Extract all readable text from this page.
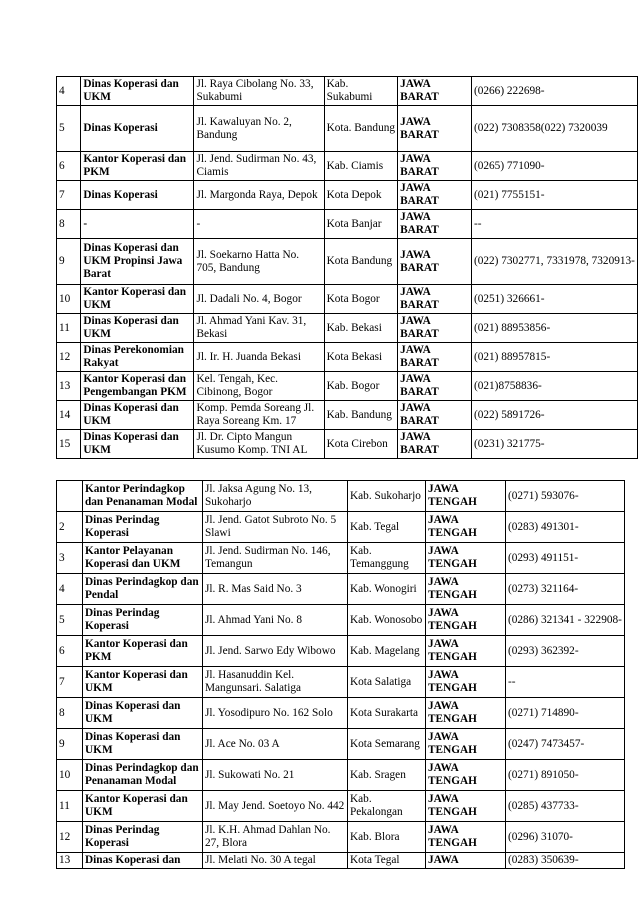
4	Dinas Koperasi dan UKM	Jl. Raya Cibolang No. 33, Sukabumi	Kab. Sukabumi	JAWA BARAT	(0266) 222698-
5	Dinas Koperasi	Jl. Kawaluyan No. 2, Bandung	Kota. Bandung	JAWA BARAT	(022) 7308358(022) 7320039
6	Kantor Koperasi dan PKM	Jl. Jend. Sudirman No. 43, Ciamis	Kab. Ciamis	JAWA BARAT	(0265) 771090-
7	Dinas Koperasi	Jl. Margonda Raya, Depok	Kota Depok	JAWA BARAT	(021) 7755151-
8	-	-	Kota Banjar	JAWA BARAT	--
9	Dinas Koperasi dan UKM Propinsi Jawa Barat	Jl. Soekarno Hatta No. 705, Bandung	Kota Bandung	JAWA BARAT	(022) 7302771, 7331978, 7320913-
10	Kantor Koperasi dan UKM	Jl. Dadali No. 4, Bogor	Kota Bogor	JAWA BARAT	(0251) 326661-
11	Dinas Koperasi dan UKM	Jl. Ahmad Yani Kav. 31, Bekasi	Kab. Bekasi	JAWA BARAT	(021) 88953856-
12	Dinas Perekonomian Rakyat	Jl. Ir. H. Juanda Bekasi	Kota Bekasi	JAWA BARAT	(021) 88957815-
13	Kantor Koperasi dan Pengembangan PKM	Kel. Tengah, Kec. Cibinong, Bogor	Kab. Bogor	JAWA BARAT	(021)8758836-
14	Dinas Koperasi dan UKM	Komp. Pemda Soreang Jl. Raya Soreang Km. 17	Kab. Bandung	JAWA BARAT	(022) 5891726-
15	Dinas Koperasi dan UKM	Jl. Dr. Cipto Mangun Kusumo Komp. TNI AL	Kota Cirebon	JAWA BARAT	(0231) 321775-
	Kantor Perindagkop dan Penanaman Modal	Jl. Jaksa Agung No. 13, Sukoharjo	Kab. Sukoharjo	JAWA TENGAH	(0271) 593076-
2	Dinas Perindag Koperasi	Jl. Jend. Gatot Subroto No. 5 Slawi	Kab. Tegal	JAWA TENGAH	(0283) 491301-
3	Kantor Pelayanan Koperasi dan UKM	Jl. Jend. Sudirman No. 146, Temangun	Kab. Temanggung	JAWA TENGAH	(0293) 491151-
4	Dinas Perindagkop dan Pendal	Jl. R. Mas Said No. 3	Kab. Wonogiri	JAWA TENGAH	(0273) 321164-
5	Dinas Perindag Koperasi	Jl. Ahmad Yani No. 8	Kab. Wonosobo	JAWA TENGAH	(0286) 321341 - 322908-
6	Kantor Koperasi dan PKM	Jl. Jend. Sarwo Edy Wibowo	Kab. Magelang	JAWA TENGAH	(0293) 362392-
7	Kantor Koperasi dan UKM	Jl. Hasanuddin Kel. Mangunsari. Salatiga	Kota Salatiga	JAWA TENGAH	--
8	Dinas Koperasi dan UKM	Jl. Yosodipuro No. 162 Solo	Kota Surakarta	JAWA TENGAH	(0271) 714890-
9	Dinas Koperasi dan UKM	Jl. Ace No. 03 A	Kota Semarang	JAWA TENGAH	(0247) 7473457-
10	Dinas Perindagkop dan Penanaman Modal	Jl. Sukowati No. 21	Kab. Sragen	JAWA TENGAH	(0271) 891050-
11	Kantor Koperasi dan UKM	Jl. May Jend. Soetoyo No. 442	Kab. Pekalongan	JAWA TENGAH	(0285) 437733-
12	Dinas Perindag Koperasi	Jl. K.H. Ahmad Dahlan No. 27, Blora	Kab. Blora	JAWA TENGAH	(0296) 31070-
13	Dinas Koperasi dan	Jl. Melati No. 30 A tegal	Kota Tegal	JAWA	(0283) 350639-
